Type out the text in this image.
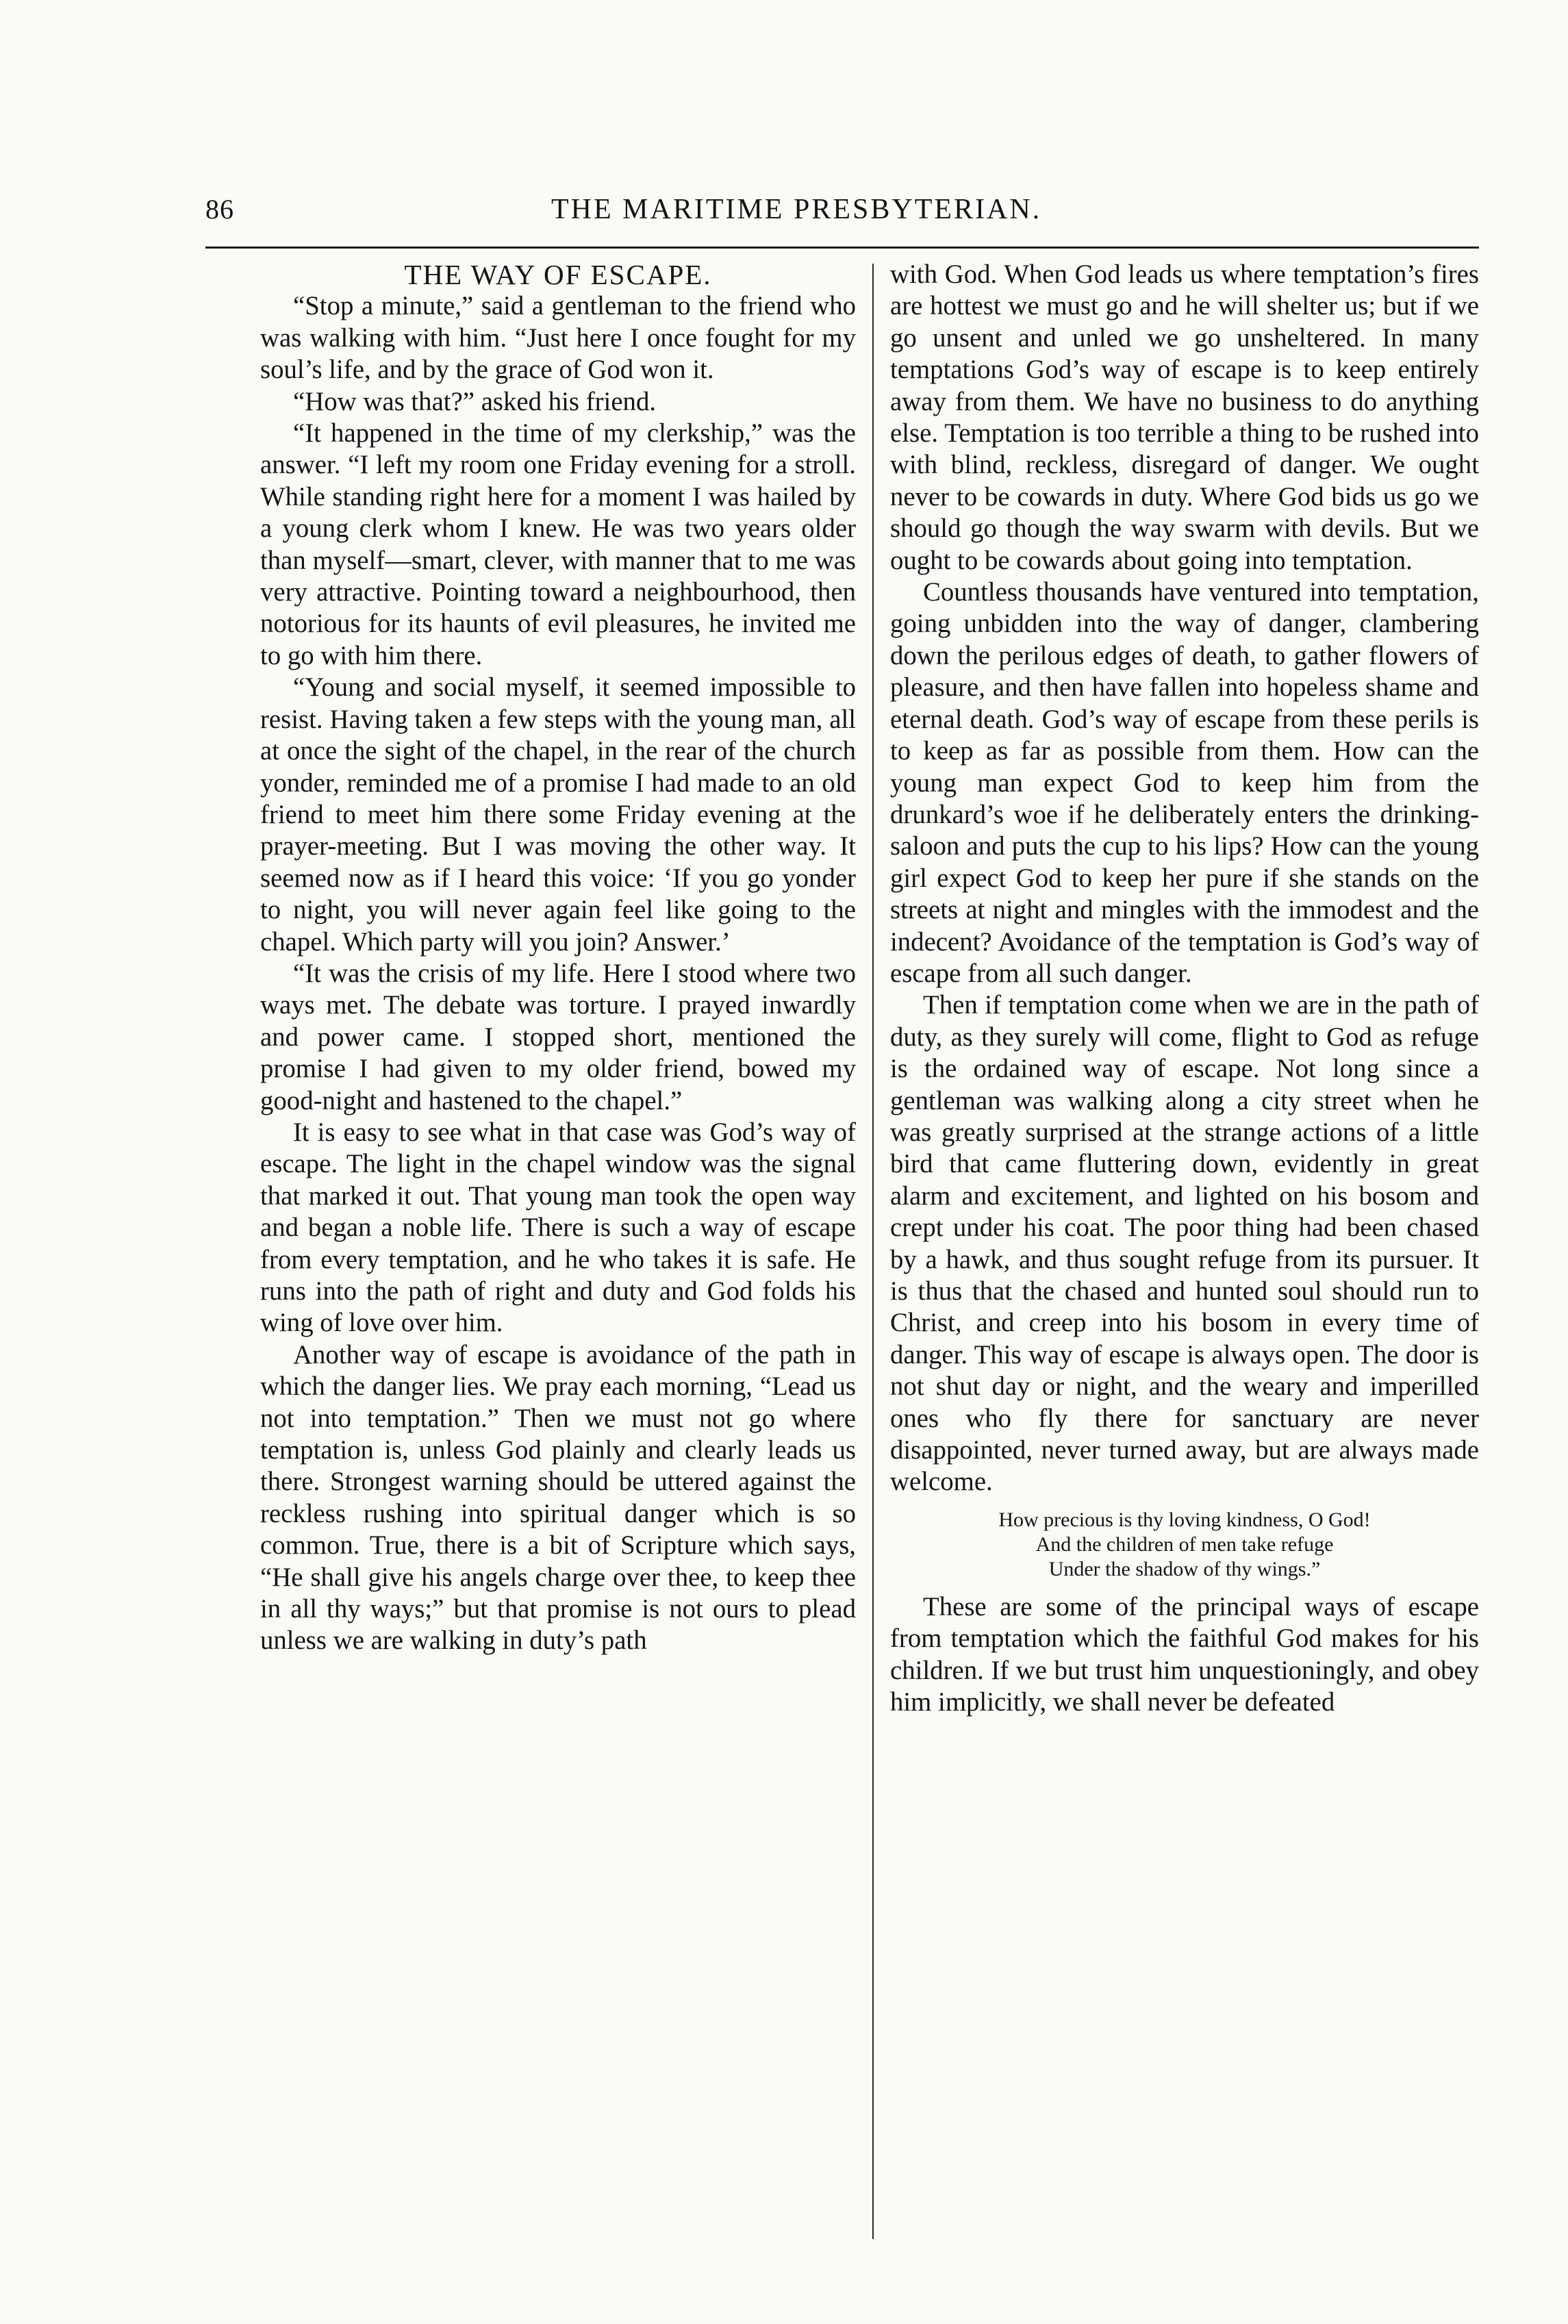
86	THE MARITIME PRESBYTERIAN.

THE WAY OF ESCAPE.

“Stop a minute,” said a gentleman to the friend who was walking with him. “Just here I once fought for my soul’s life, and by the grace of God won it.

“How was that?” asked his friend.

“It happened in the time of my clerkship,” was the answer. “I left my room one Friday evening for a stroll. While standing right here for a moment I was hailed by a young clerk whom I knew. He was two years older than myself—smart, clever, with manner that to me was very attractive. Pointing toward a neighbourhood, then notorious for its haunts of evil pleasures, he invited me to go with him there.

“Young and social myself, it seemed impossible to resist. Having taken a few steps with the young man, all at once the sight of the chapel, in the rear of the church yonder, reminded me of a promise I had made to an old friend to meet him there some Friday evening at the prayer-meeting. But I was moving the other way. It seemed now as if I heard this voice: ‘If you go yonder to night, you will never again feel like going to the chapel. Which party will you join? Answer.’

“It was the crisis of my life. Here I stood where two ways met. The debate was torture. I prayed inwardly and power came. I stopped short, mentioned the promise I had given to my older friend, bowed my good-night and hastened to the chapel.”

It is easy to see what in that case was God’s way of escape. The light in the chapel window was the signal that marked it out. That young man took the open way and began a noble life. There is such a way of escape from every temptation, and he who takes it is safe. He runs into the path of right and duty and God folds his wing of love over him.

Another way of escape is avoidance of the path in which the danger lies. We pray each morning, “Lead us not into temptation.” Then we must not go where temptation is, unless God plainly and clearly leads us there. Strongest warning should be uttered against the reckless rushing into spiritual danger which is so common. True, there is a bit of Scripture which says, “He shall give his angels charge over thee, to keep thee in all thy ways;” but that promise is not ours to plead unless we are walking in duty’s path

with God. When God leads us where temptation’s fires are hottest we must go and he will shelter us; but if we go unsent and unled we go unsheltered. In many temptations God’s way of escape is to keep entirely away from them. We have no business to do anything else. Temptation is too terrible a thing to be rushed into with blind, reckless, disregard of danger. We ought never to be cowards in duty. Where God bids us go we should go though the way swarm with devils. But we ought to be cowards about going into temptation.

Countless thousands have ventured into temptation, going unbidden into the way of danger, clambering down the perilous edges of death, to gather flowers of pleasure, and then have fallen into hopeless shame and eternal death. God’s way of escape from these perils is to keep as far as possible from them. How can the young man expect God to keep him from the drunkard’s woe if he deliberately enters the drinking-saloon and puts the cup to his lips? How can the young girl expect God to keep her pure if she stands on the streets at night and mingles with the immodest and the indecent? Avoidance of the temptation is God’s way of escape from all such danger.

Then if temptation come when we are in the path of duty, as they surely will come, flight to God as refuge is the ordained way of escape. Not long since a gentleman was walking along a city street when he was greatly surprised at the strange actions of a little bird that came fluttering down, evidently in great alarm and excitement, and lighted on his bosom and crept under his coat. The poor thing had been chased by a hawk, and thus sought refuge from its pursuer. It is thus that the chased and hunted soul should run to Christ, and creep into his bosom in every time of danger. This way of escape is always open. The door is not shut day or night, and the weary and imperilled ones who fly there for sanctuary are never disappointed, never turned away, but are always made welcome.

How precious is thy loving kindness, O God!
And the children of men take refuge
Under the shadow of thy wings.”

These are some of the principal ways of escape from temptation which the faithful God makes for his children. If we but trust him unquestioningly, and obey him implicitly, we shall never be defeated
